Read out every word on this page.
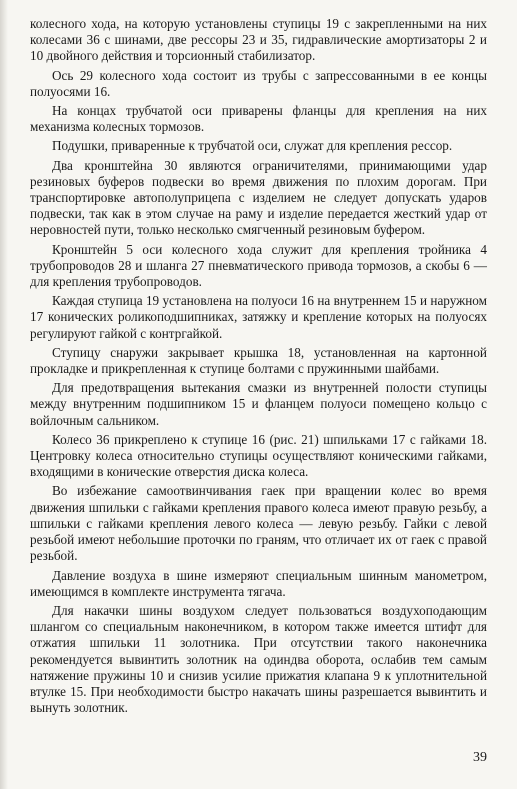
колесного хода, на которую установлены ступицы 19 с закрепленными на них колесами 36 с шинами, две рессоры 23 и 35, гидравлические амортизаторы 2 и 10 двойного действия и торсионный стабилизатор.

Ось 29 колесного хода состоит из трубы с запрессованными в ее концы полуосями 16.

На концах трубчатой оси приварены фланцы для крепления на них механизма колесных тормозов.

Подушки, приваренные к трубчатой оси, служат для крепления рессор.

Два кронштейна 30 являются ограничителями, принимающими удар резиновых буферов подвески во время движения по плохим дорогам. При транспортировке автополуприцепа с изделием не следует допускать ударов подвески, так как в этом случае на раму и изделие передается жесткий удар от неровностей пути, только несколько смягченный резиновым буфером.

Кронштейн 5 оси колесного хода служит для крепления тройника 4 трубопроводов 28 и шланга 27 пневматического привода тормозов, а скобы 6 — для крепления трубопроводов.

Каждая ступица 19 установлена на полуоси 16 на внутреннем 15 и наружном 17 конических роликоподшипниках, затяжку и крепление которых на полуосях регулируют гайкой с контргайкой.

Ступицу снаружи закрывает крышка 18, установленная на картонной прокладке и прикрепленная к ступице болтами с пружинными шайбами.

Для предотвращения вытекания смазки из внутренней полости ступицы между внутренним подшипником 15 и фланцем полуоси помещено кольцо с войлочным сальником.

Колесо 36 прикреплено к ступице 16 (рис. 21) шпильками 17 с гайками 18. Центровку колеса относительно ступицы осуществляют коническими гайками, входящими в конические отверстия диска колеса.

Во избежание самоотвинчивания гаек при вращении колес во время движения шпильки с гайками крепления правого колеса имеют правую резьбу, а шпильки с гайками крепления левого колеса — левую резьбу. Гайки с левой резьбой имеют небольшие проточки по граням, что отличает их от гаек с правой резьбой.

Давление воздуха в шине измеряют специальным шинным манометром, имеющимся в комплекте инструмента тягача.

Для накачки шины воздухом следует пользоваться воздухоподающим шлангом со специальным наконечником, в котором также имеется штифт для отжатия шпильки 11 золотника. При отсутствии такого наконечника рекомендуется вывинтить золотник на одиндва оборота, ослабив тем самым натяжение пружины 10 и снизив усилие прижатия клапана 9 к уплотнительной втулке 15. При необходимости быстро накачать шины разрешается вывинтить и вынуть золотник.

39
